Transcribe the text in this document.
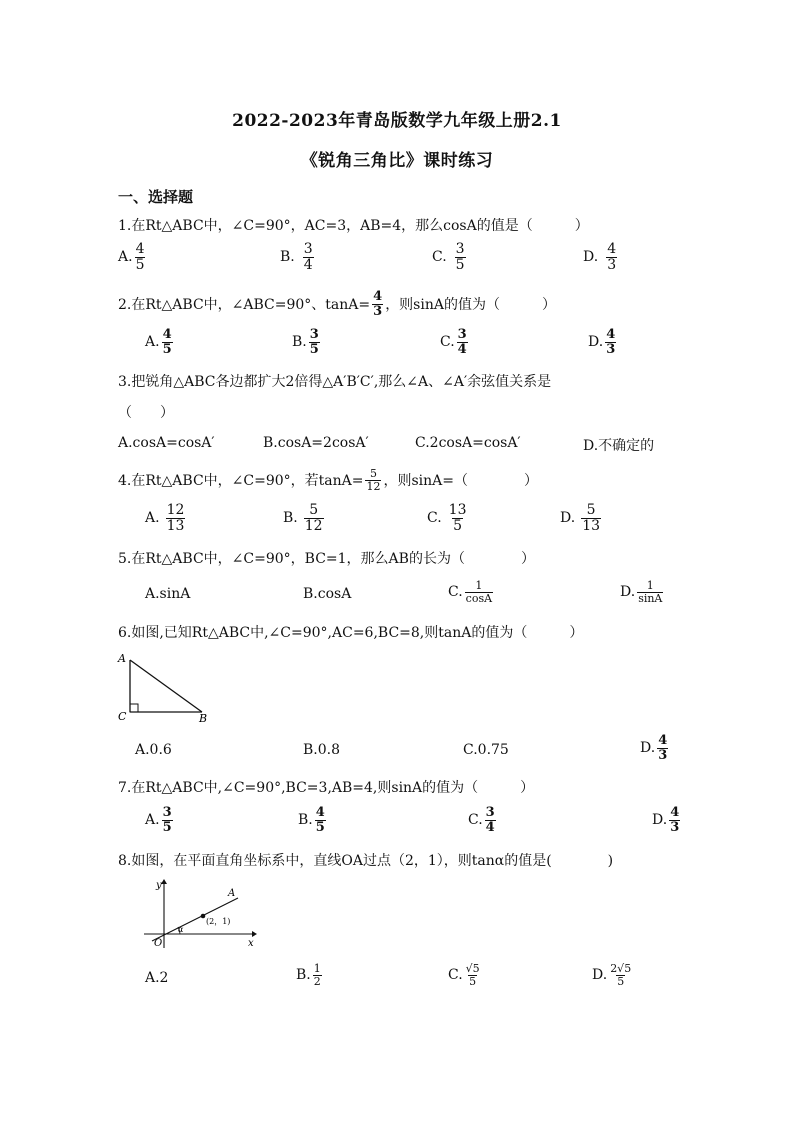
2022-2023年青岛版数学九年级上册2.1
《锐角三角比》课时练习
一、选择题
1.在Rt△ABC中，∠C=90°，AC=3，AB=4，那么cosA的值是（　　　）
A. $\frac{4}{5}$	B. $\frac{3}{4}$	C. $\frac{3}{5}$	D. $\frac{4}{3}$
2.在Rt△ABC中，∠ABC=90°、$\tan A= \frac{4}{3}$ ，则sinA的值为（　　　）
A. $\frac{4}{5}$	B. $\frac{3}{5}$	C. $\frac{3}{4}$	D. $\frac{4}{3}$
3.把锐角△ABC各边都扩大2倍得△A′B′C′,那么∠A、∠A′余弦值关系是
（　　）
A.cosA=cosA′	B.cosA=2cosA′	C.2cosA=cosA′	D.不确定的
4.在Rt△ABC中，∠C=90°，若$\tan A= \frac{5}{12}$ ，则sinA=（　　　　）
A. $\frac{12}{13}$	B. $\frac{5}{12}$	C. $\frac{13}{5}$	D. $\frac{5}{13}$
5.在Rt△ABC中，∠C=90°，BC=1，那么AB的长为（　　　　）
A.sinA	B.cosA	C. $\frac{1}{\cos A}$	D. $\frac{1}{\sin A}$
6.如图,已知Rt△ABC中,∠C=90°,AC=6,BC=8,则tanA的值为（　　　）
A
C	B
A.0.6	B.0.8	C.0.75	D. $\frac{4}{3}$
7.在Rt△ABC中,∠C=90°,BC=3,AB=4,则sinA的值为（　　　）
A. $\frac{3}{5}$	B. $\frac{4}{5}$	C. $\frac{3}{4}$	D. $\frac{4}{3}$
8.如图，在平面直角坐标系中，直线OA过点（2，1），则tanα的值是(　　　　)
y
x
O
A
α
(2，1)
A.2	B. $\frac{1}{2}$	C. $\frac{√5}{5}$	D. $\frac{2√5}{5}$
